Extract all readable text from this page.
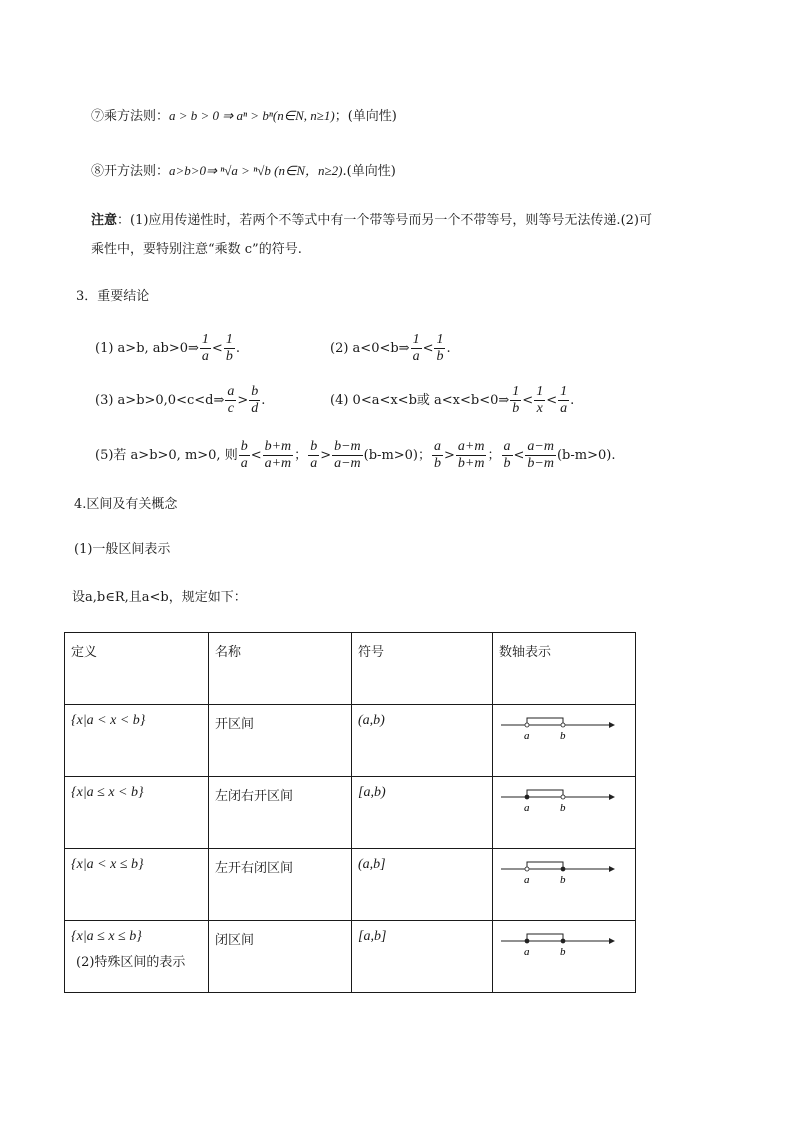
⑦乘方法则：a > b > 0 ⇒ aⁿ > bⁿ(n∈N, n≥1)；(单向性)
⑧开方法则：a>b>0⇒ ⁿ√a > ⁿ√b (n∈N，n≥2).(单向性)
注意：(1)应用传递性时，若两个不等式中有一个带等号而另一个不带等号，则等号无法传递.(2)可
乘性中，要特别注意“乘数 c”的符号.
3．重要结论
(1) a>b, ab>0⇒ $\frac{1}{a} < \frac{1}{b}$ .	(2) a<0<b⇒ $\frac{1}{a} < \frac{1}{b}$ .
(3) a>b>0,0<c<d⇒ $\frac{a}{c} > \frac{b}{d}$ .	(4) 0<a<x<b或 a<x<b<0⇒ $\frac{1}{b} < \frac{1}{x} < \frac{1}{a}$ .
(5)若 a>b>0, m>0, 则 $\frac{b}{a} < \frac{b+m}{a+m}$ ； $\frac{b}{a} > \frac{b-m}{a-m} (b-m>0)$； $\frac{a}{b} > \frac{a+m}{b+m}$ ； $\frac{a}{b} < \frac{a-m}{b-m} (b-m>0)$.
4.区间及有关概念
(1)一般区间表示
设a,b∈R,且a<b，规定如下：
定义	名称	符号	数轴表示
{x|a < x < b}	开区间	(a,b)	a b

{x|a ≤ x < b}	左闭右开区间	[a,b)	a b

{x|a < x ≤ b}	左开右闭区间	(a,b]	a b

{x|a ≤ x ≤ b}	闭区间	[a,b]	a b
(2)特殊区间的表示
